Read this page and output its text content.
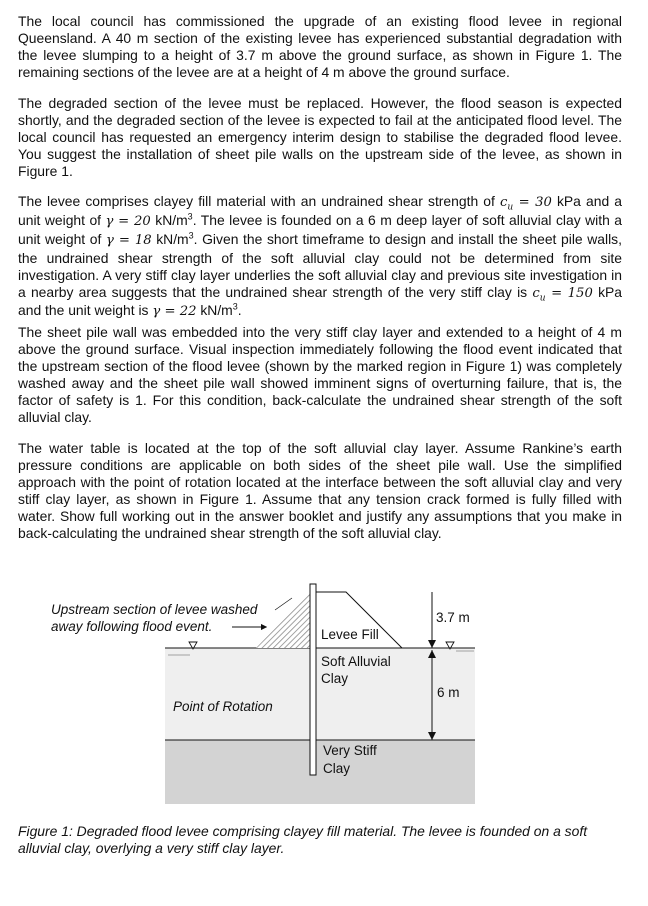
The local council has commissioned the upgrade of an existing flood levee in regional Queensland. A 40 m section of the existing levee has experienced substantial degradation with the levee slumping to a height of 3.7 m above the ground surface, as shown in Figure 1. The remaining sections of the levee are at a height of 4 m above the ground surface.

The degraded section of the levee must be replaced. However, the flood season is expected shortly, and the degraded section of the levee is expected to fail at the anticipated flood level. The local council has requested an emergency interim design to stabilise the degraded flood levee. You suggest the installation of sheet pile walls on the upstream side of the levee, as shown in Figure 1.

The levee comprises clayey fill material with an undrained shear strength of $c_u = 30$ kPa and a unit weight of γ = 20 $kN/m^3$. The levee is founded on a 6 m deep layer of soft alluvial clay with a unit weight of γ = 18 $kN/m^3$. Given the short timeframe to design and install the sheet pile walls, the undrained shear strength of the soft alluvial clay could not be determined from site investigation. A very stiff clay layer underlies the soft alluvial clay and previous site investigation in a nearby area suggests that the undrained shear strength of the very stiff clay is $c_u = 150$ kPa and the unit weight is γ = 22 $kN/m^3$.

The sheet pile wall was embedded into the very stiff clay layer and extended to a height of 4 m above the ground surface. Visual inspection immediately following the flood event indicated that the upstream section of the flood levee (shown by the marked region in Figure 1) was completely washed away and the sheet pile wall showed imminent signs of overturning failure, that is, the factor of safety is 1. For this condition, back-calculate the undrained shear strength of the soft alluvial clay.

The water table is located at the top of the soft alluvial clay layer. Assume Rankine’s earth pressure conditions are applicable on both sides of the sheet pile wall. Use the simplified approach with the point of rotation located at the interface between the soft alluvial clay and very stiff clay layer, as shown in Figure 1. Assume that any tension crack formed is fully filled with water. Show full working out in the answer booklet and justify any assumptions that you make in back-calculating the undrained shear strength of the soft alluvial clay.

Upstream section of levee washed
away following flood event.
Levee Fill
Soft Alluvial
Clay
Point of Rotation
Very Stiff
Clay
3.7 m
6 m

Figure 1: Degraded flood levee comprising clayey fill material. The levee is founded on a soft alluvial clay, overlying a very stiff clay layer.
